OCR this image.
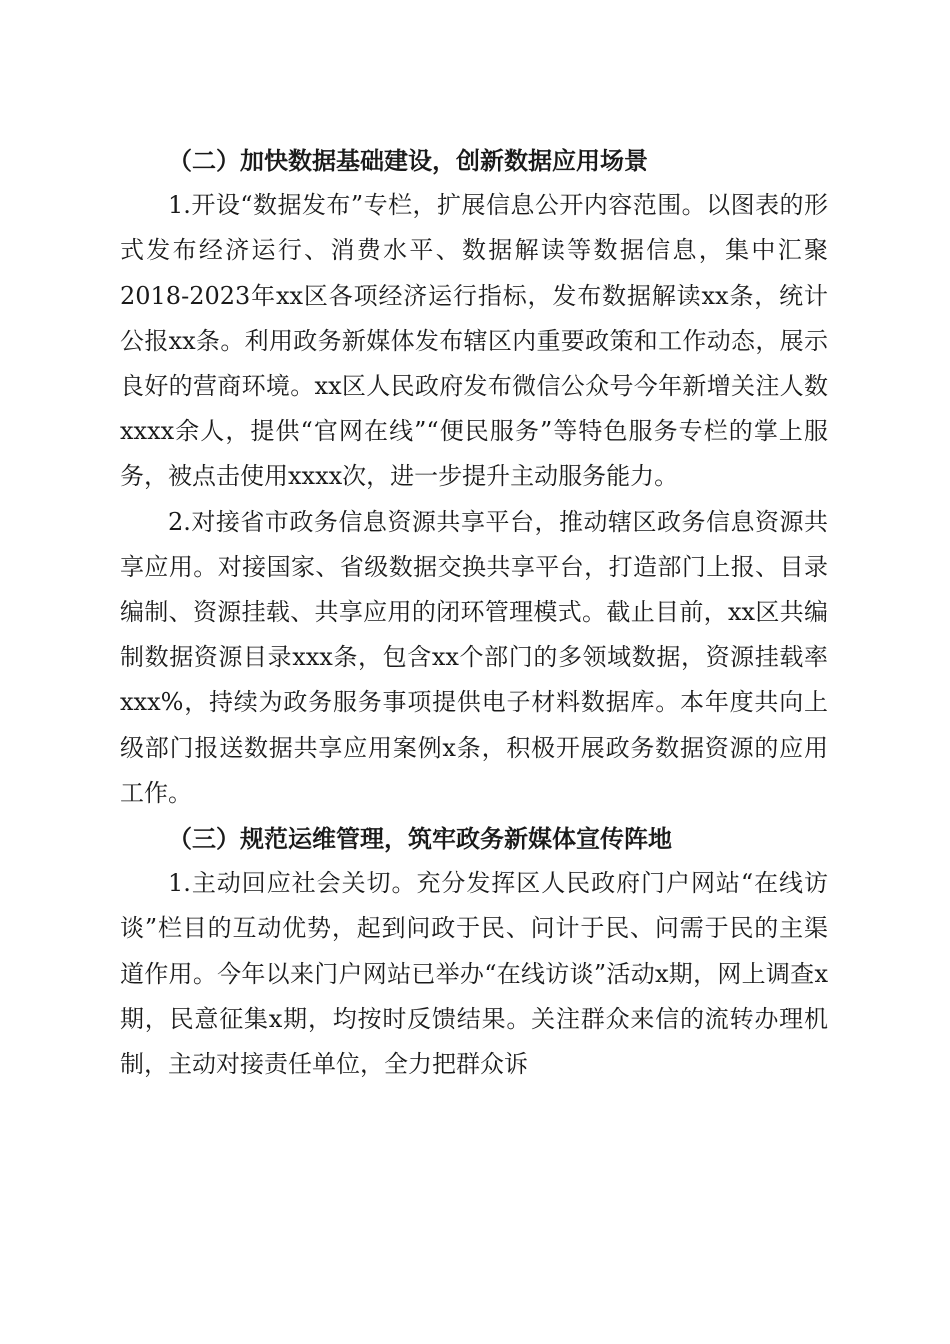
（二）加快数据基础建设，创新数据应用场景

1.开设“数据发布”专栏，扩展信息公开内容范围。以图表的形式发布经济运行、消费水平、数据解读等数据信息，集中汇聚2018-2023年xx区各项经济运行指标，发布数据解读xx条，统计公报xx条。利用政务新媒体发布辖区内重要政策和工作动态，展示良好的营商环境。xx区人民政府发布微信公众号今年新增关注人数xxxx余人，提供“官网在线”“便民服务”等特色服务专栏的掌上服务，被点击使用xxxx次，进一步提升主动服务能力。

2.对接省市政务信息资源共享平台，推动辖区政务信息资源共享应用。对接国家、省级数据交换共享平台，打造部门上报、目录编制、资源挂载、共享应用的闭环管理模式。截止目前，xx区共编制数据资源目录xxx条，包含xx个部门的多领域数据，资源挂载率xxx%，持续为政务服务事项提供电子材料数据库。本年度共向上级部门报送数据共享应用案例x条，积极开展政务数据资源的应用工作。

（三）规范运维管理，筑牢政务新媒体宣传阵地

1.主动回应社会关切。充分发挥区人民政府门户网站“在线访谈”栏目的互动优势，起到问政于民、问计于民、问需于民的主渠道作用。今年以来门户网站已举办“在线访谈”活动x期，网上调查x期，民意征集x期，均按时反馈结果。关注群众来信的流转办理机制，主动对接责任单位，全力把群众诉
